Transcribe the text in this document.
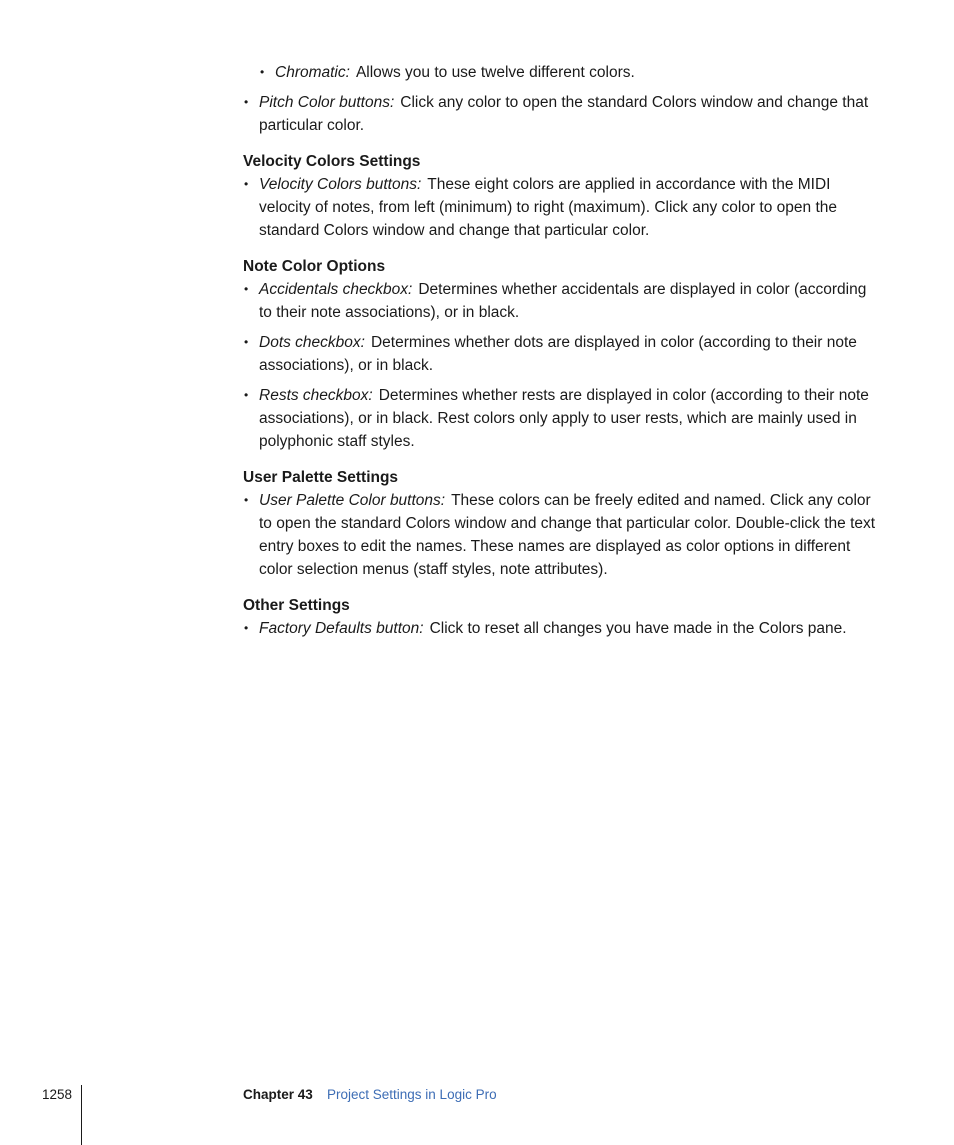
• Chromatic: Allows you to use twelve different colors.
• Pitch Color buttons: Click any color to open the standard Colors window and change that particular color.
Velocity Colors Settings
• Velocity Colors buttons: These eight colors are applied in accordance with the MIDI velocity of notes, from left (minimum) to right (maximum). Click any color to open the standard Colors window and change that particular color.
Note Color Options
• Accidentals checkbox: Determines whether accidentals are displayed in color (according to their note associations), or in black.
• Dots checkbox: Determines whether dots are displayed in color (according to their note associations), or in black.
• Rests checkbox: Determines whether rests are displayed in color (according to their note associations), or in black. Rest colors only apply to user rests, which are mainly used in polyphonic staff styles.
User Palette Settings
• User Palette Color buttons: These colors can be freely edited and named. Click any color to open the standard Colors window and change that particular color. Double-click the text entry boxes to edit the names. These names are displayed as color options in different color selection menus (staff styles, note attributes).
Other Settings
• Factory Defaults button: Click to reset all changes you have made in the Colors pane.
1258	Chapter 43 Project Settings in Logic Pro
